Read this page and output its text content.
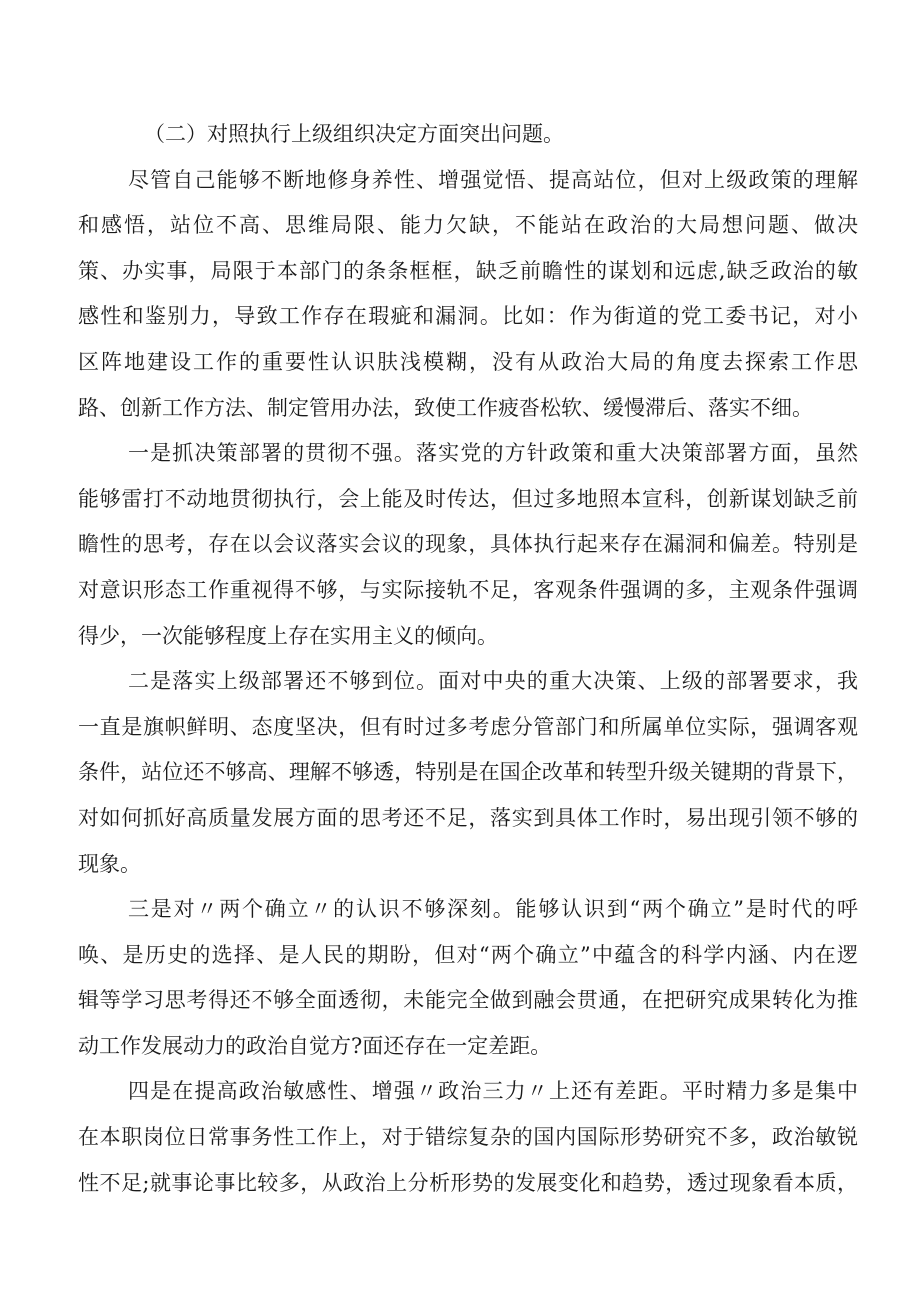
（二）对照执行上级组织决定方面突出问题。
尽管自己能够不断地修身养性、增强觉悟、提高站位，但对上级政策的理解
和感悟，站位不高、思维局限、能力欠缺，不能站在政治的大局想问题、做决
策、办实事，局限于本部门的条条框框，缺乏前瞻性的谋划和远虑,缺乏政治的敏
感性和鉴别力，导致工作存在瑕疵和漏洞。比如：作为街道的党工委书记，对小
区阵地建设工作的重要性认识肤浅模糊，没有从政治大局的角度去探索工作思
路、创新工作方法、制定管用办法，致使工作疲沓松软、缓慢滞后、落实不细。
一是抓决策部署的贯彻不强。落实党的方针政策和重大决策部署方面，虽然
能够雷打不动地贯彻执行，会上能及时传达，但过多地照本宣科，创新谋划缺乏前
瞻性的思考，存在以会议落实会议的现象，具体执行起来存在漏洞和偏差。特别是
对意识形态工作重视得不够，与实际接轨不足，客观条件强调的多，主观条件强调
得少，一次能够程度上存在实用主义的倾向。
二是落实上级部署还不够到位。面对中央的重大决策、上级的部署要求，我
一直是旗帜鲜明、态度坚决，但有时过多考虑分管部门和所属单位实际，强调客观
条件，站位还不够高、理解不够透，特别是在国企改革和转型升级关键期的背景下，
对如何抓好高质量发展方面的思考还不足，落实到具体工作时，易出现引领不够的
现象。
三是对〃两个确立〃的认识不够深刻。能够认识到“两个确立”是时代的呼
唤、是历史的选择、是人民的期盼，但对“两个确立”中蕴含的科学内涵、内在逻
辑等学习思考得还不够全面透彻，未能完全做到融会贯通，在把研究成果转化为推
动工作发展动力的政治自觉方?面还存在一定差距。
四是在提高政治敏感性、增强〃政治三力〃上还有差距。平时精力多是集中
在本职岗位日常事务性工作上，对于错综复杂的国内国际形势研究不多，政治敏锐
性不足;就事论事比较多，从政治上分析形势的发展变化和趋势，透过现象看本质，
